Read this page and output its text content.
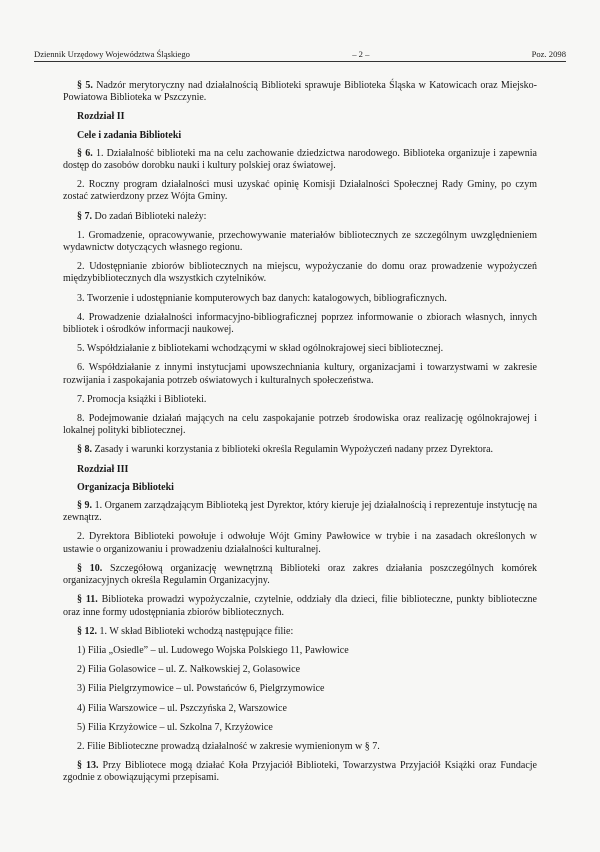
Dziennik Urzędowy Województwa Śląskiego	– 2 –	Poz. 2098

§ 5. Nadzór merytoryczny nad działalnością Biblioteki sprawuje Biblioteka Śląska w Katowicach oraz Miejsko-Powiatowa Biblioteka w Pszczynie.

Rozdział II
Cele i zadania Biblioteki

§ 6. 1. Działalność biblioteki ma na celu zachowanie dziedzictwa narodowego. Biblioteka organizuje i zapewnia dostęp do zasobów dorobku nauki i kultury polskiej oraz światowej.

2. Roczny program działalności musi uzyskać opinię Komisji Działalności Społecznej Rady Gminy, po czym zostać zatwierdzony przez Wójta Gminy.

§ 7. Do zadań Biblioteki należy:

1. Gromadzenie, opracowywanie, przechowywanie materiałów bibliotecznych ze szczególnym uwzględnieniem wydawnictw dotyczących własnego regionu.

2. Udostępnianie zbiorów bibliotecznych na miejscu, wypożyczanie do domu oraz prowadzenie wypożyczeń międzybibliotecznych dla wszystkich czytelników.

3. Tworzenie i udostępnianie komputerowych baz danych: katalogowych, bibliograficznych.

4. Prowadzenie działalności informacyjno-bibliograficznej poprzez informowanie o zbiorach własnych, innych bibliotek i ośrodków informacji naukowej.

5. Współdziałanie z bibliotekami wchodzącymi w skład ogólnokrajowej sieci bibliotecznej.

6. Współdziałanie z innymi instytucjami upowszechniania kultury, organizacjami i towarzystwami w zakresie rozwijania i zaspokajania potrzeb oświatowych i kulturalnych społeczeństwa.

7. Promocja książki i Biblioteki.

8. Podejmowanie działań mających na celu zaspokajanie potrzeb środowiska oraz realizację ogólnokrajowej i lokalnej polityki bibliotecznej.

§ 8. Zasady i warunki korzystania z biblioteki określa Regulamin Wypożyczeń nadany przez Dyrektora.

Rozdział III
Organizacja Biblioteki

§ 9. 1. Organem zarządzającym Biblioteką jest Dyrektor, który kieruje jej działalnością i reprezentuje instytucję na zewnątrz.

2. Dyrektora Biblioteki powołuje i odwołuje Wójt Gminy Pawłowice w trybie i na zasadach określonych w ustawie o organizowaniu i prowadzeniu działalności kulturalnej.

§ 10. Szczegółową organizację wewnętrzną Biblioteki oraz zakres działania poszczególnych komórek organizacyjnych określa Regulamin Organizacyjny.

§ 11. Biblioteka prowadzi wypożyczalnie, czytelnie, oddziały dla dzieci, filie biblioteczne, punkty biblioteczne oraz inne formy udostępniania zbiorów bibliotecznych.

§ 12. 1. W skład Biblioteki wchodzą następujące filie:

1) Filia „Osiedle” – ul. Ludowego Wojska Polskiego 11, Pawłowice

2) Filia Golasowice – ul. Z. Nałkowskiej 2, Golasowice

3) Filia Pielgrzymowice – ul. Powstańców 6, Pielgrzymowice

4) Filia Warszowice – ul. Pszczyńska 2, Warszowice

5) Filia Krzyżowice – ul. Szkolna 7, Krzyżowice

2. Filie Biblioteczne prowadzą działalność w zakresie wymienionym w § 7.

§ 13. Przy Bibliotece mogą działać Koła Przyjaciół Biblioteki, Towarzystwa Przyjaciół Książki oraz Fundacje zgodnie z obowiązującymi przepisami.
